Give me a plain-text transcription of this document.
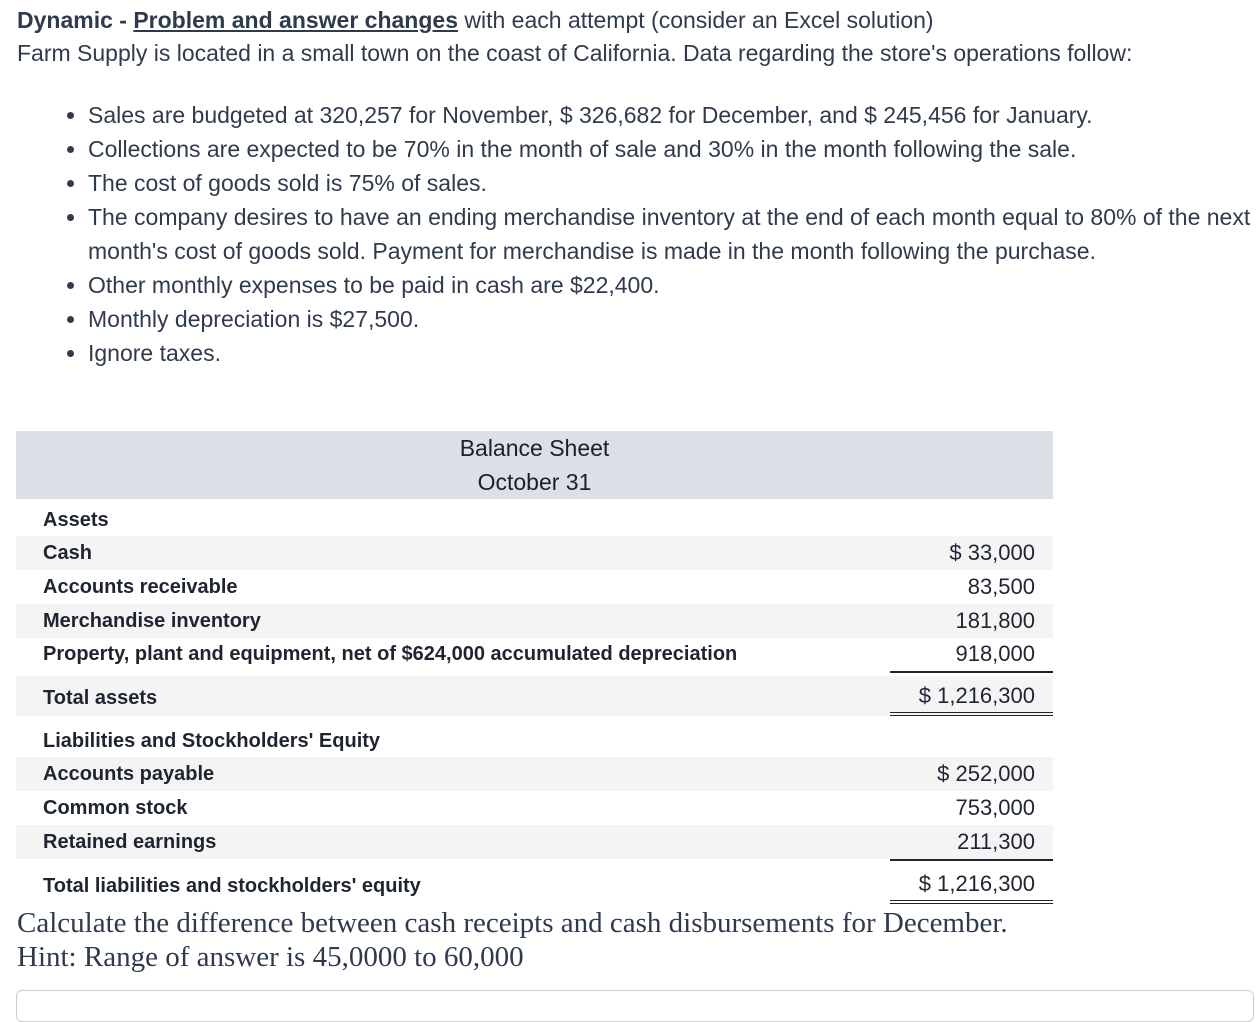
Dynamic - Problem and answer changes with each attempt (consider an Excel solution)
Farm Supply is located in a small town on the coast of California. Data regarding the store's operations follow:
• Sales are budgeted at 320,257 for November, $ 326,682 for December, and $ 245,456 for January.
• Collections are expected to be 70% in the month of sale and 30% in the month following the sale.
• The cost of goods sold is 75% of sales.
• The company desires to have an ending merchandise inventory at the end of each month equal to 80% of the next month's cost of goods sold. Payment for merchandise is made in the month following the purchase.
• Other monthly expenses to be paid in cash are $22,400.
• Monthly depreciation is $27,500.
• Ignore taxes.
Balance Sheet
October 31
Assets
Cash	$ 33,000
Accounts receivable	83,500
Merchandise inventory	181,800
Property, plant and equipment, net of $624,000 accumulated depreciation	918,000
Total assets	$ 1,216,300
Liabilities and Stockholders' Equity
Accounts payable	$ 252,000
Common stock	753,000
Retained earnings	211,300
Total liabilities and stockholders' equity	$ 1,216,300
Calculate the difference between cash receipts and cash disbursements for December.
Hint: Range of answer is 45,0000 to 60,000
